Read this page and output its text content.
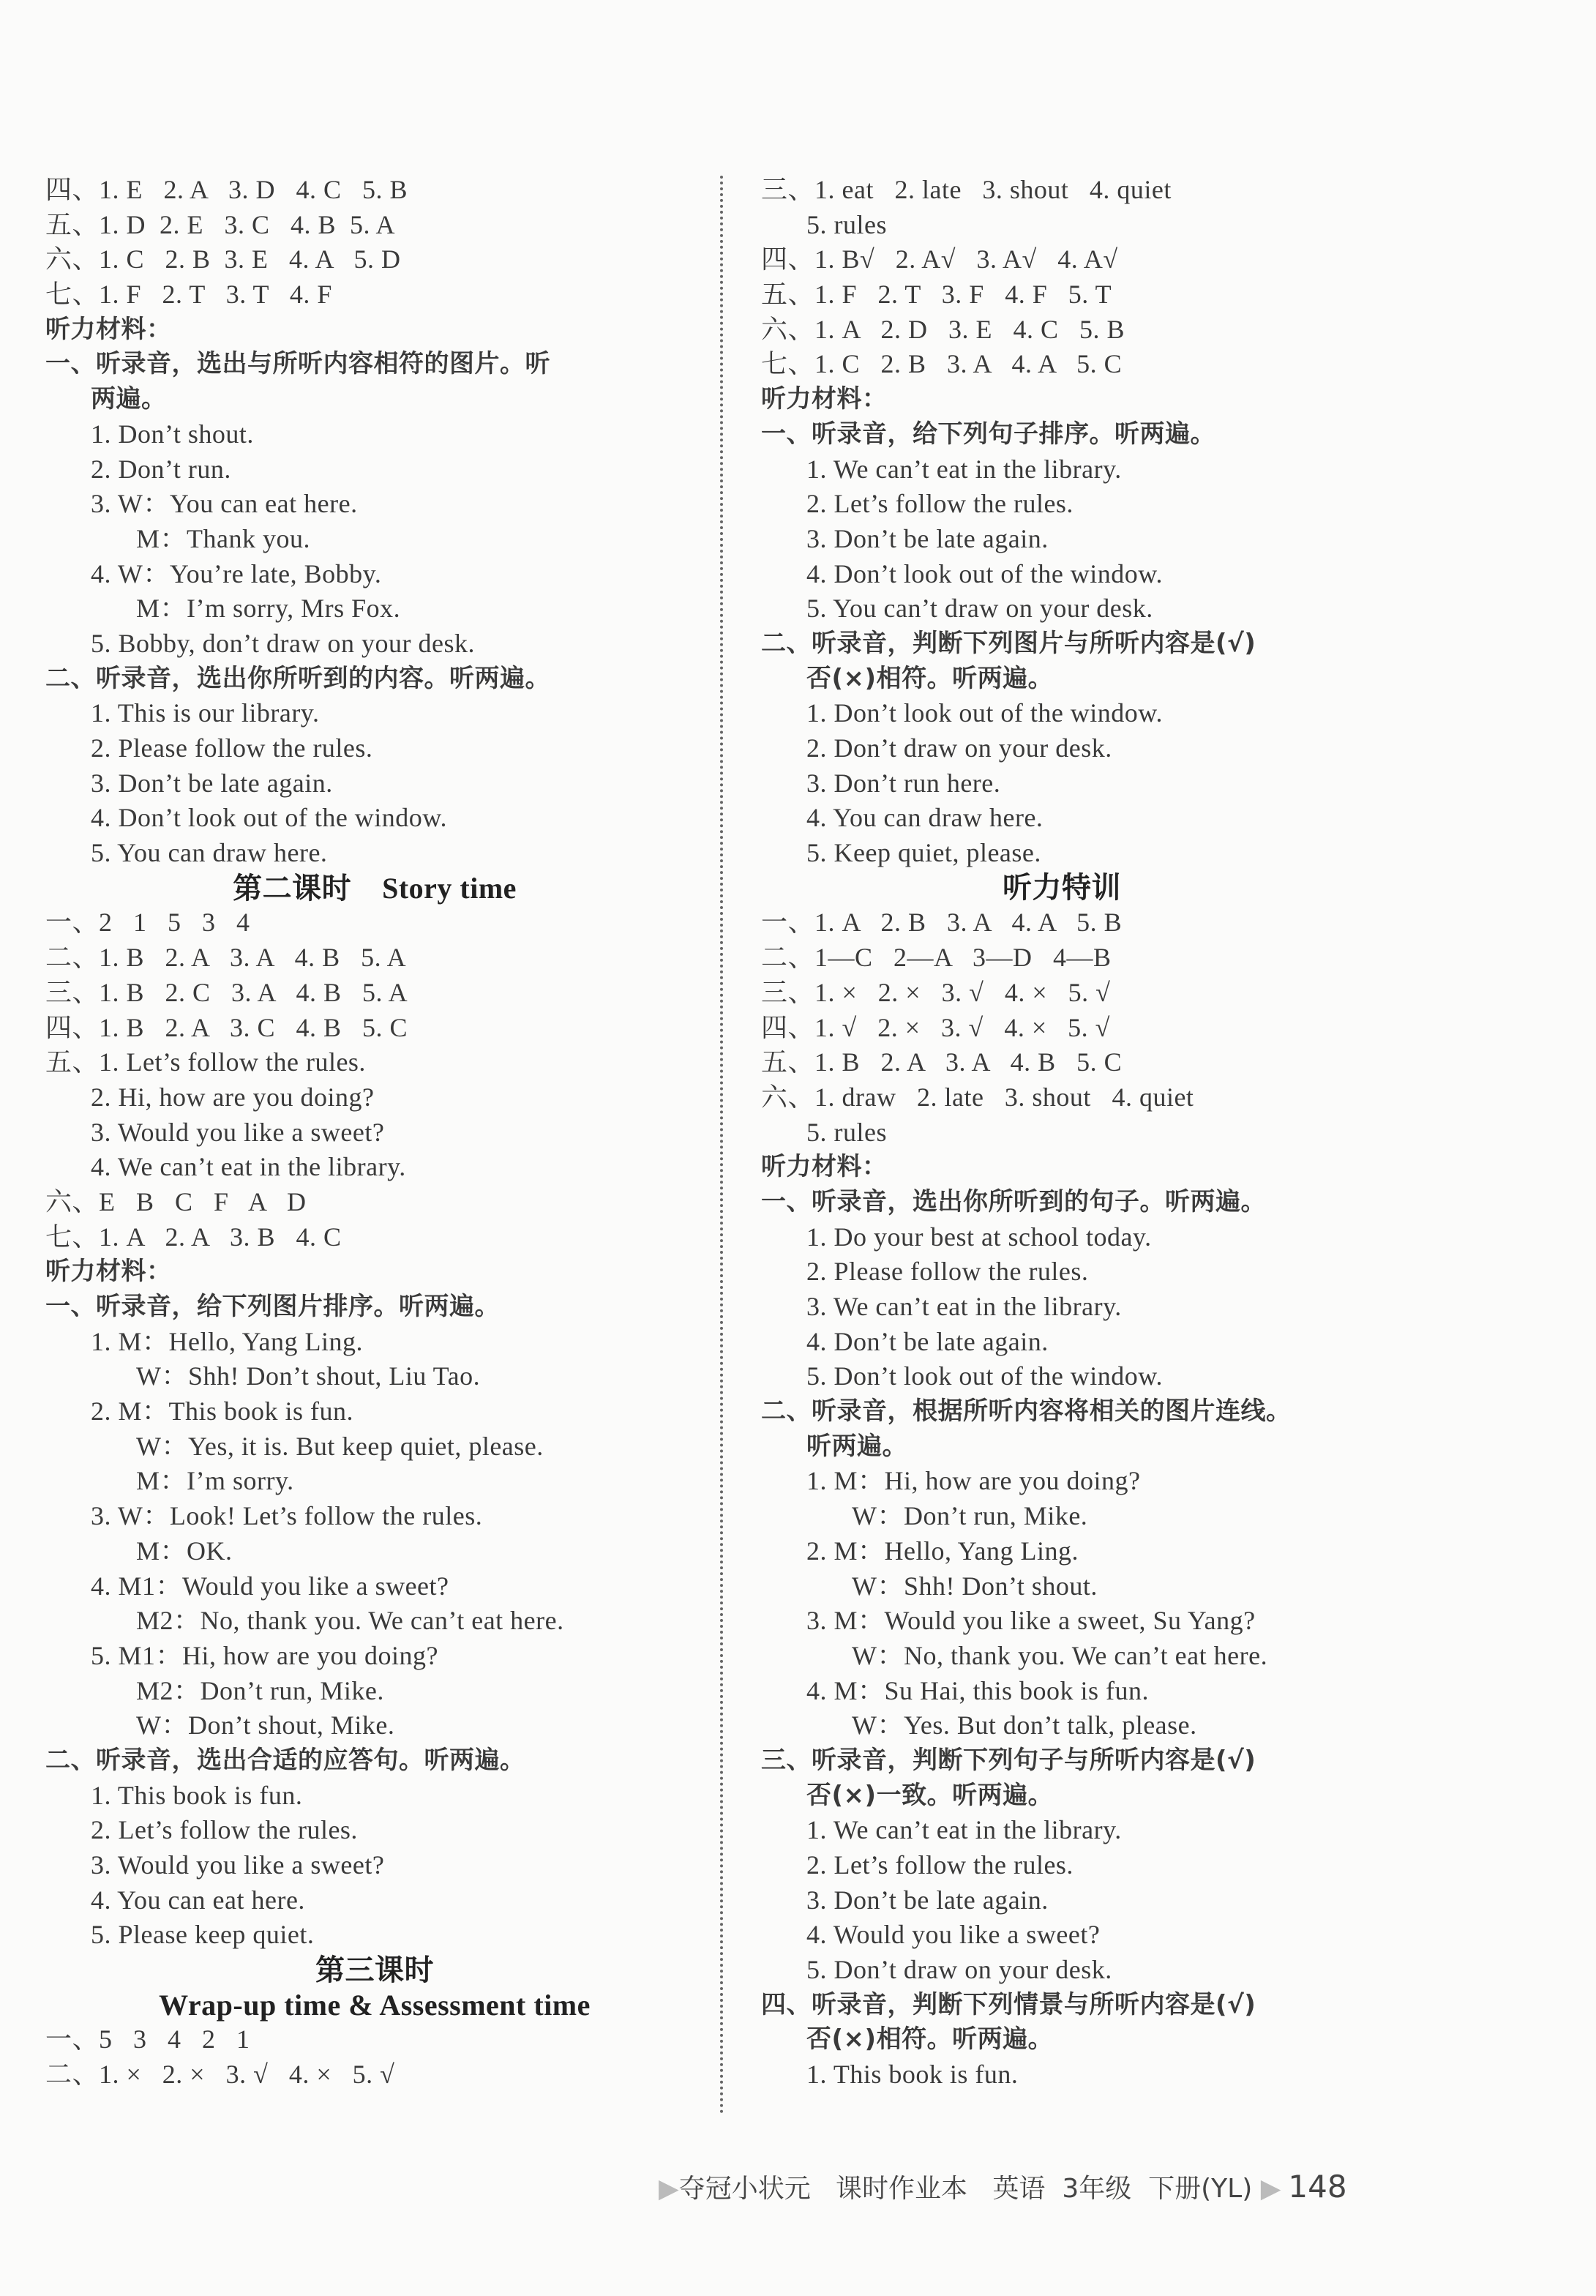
四、1. E   2. A   3. D   4. C   5. B
五、1. D  2. E   3. C   4. B  5. A
六、1. C   2. B  3. E   4. A   5. D
七、1. F   2. T   3. T   4. F
听力材料：
一、听录音，选出与所听内容相符的图片。听
两遍。
1. Don’t shout.
2. Don’t run.
3. W：You can eat here.
M：Thank you.
4. W：You’re late, Bobby.
M：I’m sorry, Mrs Fox.
5. Bobby, don’t draw on your desk.
二、听录音，选出你所听到的内容。听两遍。
1. This is our library.
2. Please follow the rules.
3. Don’t be late again.
4. Don’t look out of the window.
5. You can draw here.
第二课时    Story time
一、2   1   5   3   4
二、1. B   2. A   3. A   4. B   5. A
三、1. B   2. C   3. A   4. B   5. A
四、1. B   2. A   3. C   4. B   5. C
五、1. Let’s follow the rules.
2. Hi, how are you doing?
3. Would you like a sweet?
4. We can’t eat in the library.
六、E   B   C   F   A   D
七、1. A   2. A   3. B   4. C
听力材料：
一、听录音，给下列图片排序。听两遍。
1. M：Hello, Yang Ling.
W：Shh! Don’t shout, Liu Tao.
2. M：This book is fun.
W：Yes, it is. But keep quiet, please.
M：I’m sorry.
3. W：Look! Let’s follow the rules.
M：OK.
4. M1：Would you like a sweet?
M2：No, thank you. We can’t eat here.
5. M1：Hi, how are you doing?
M2：Don’t run, Mike.
W：Don’t shout, Mike.
二、听录音，选出合适的应答句。听两遍。
1. This book is fun.
2. Let’s follow the rules.
3. Would you like a sweet?
4. You can eat here.
5. Please keep quiet.
第三课时
Wrap-up time & Assessment time
一、5   3   4   2   1
二、1. ×   2. ×   3. √   4. ×   5. √
三、1. eat   2. late   3. shout   4. quiet
5. rules
四、1. B√   2. A√   3. A√   4. A√
五、1. F   2. T   3. F   4. F   5. T
六、1. A   2. D   3. E   4. C   5. B
七、1. C   2. B   3. A   4. A   5. C
听力材料：
一、听录音，给下列句子排序。听两遍。
1. We can’t eat in the library.
2. Let’s follow the rules.
3. Don’t be late again.
4. Don’t look out of the window.
5. You can’t draw on your desk.
二、听录音，判断下列图片与所听内容是(√)
否(×)相符。听两遍。
1. Don’t look out of the window.
2. Don’t draw on your desk.
3. Don’t run here.
4. You can draw here.
5. Keep quiet, please.
听力特训
一、1. A   2. B   3. A   4. A   5. B
二、1—C   2—A   3—D   4—B
三、1. ×   2. ×   3. √   4. ×   5. √
四、1. √   2. ×   3. √   4. ×   5. √
五、1. B   2. A   3. A   4. B   5. C
六、1. draw   2. late   3. shout   4. quiet
5. rules
听力材料：
一、听录音，选出你所听到的句子。听两遍。
1. Do your best at school today.
2. Please follow the rules.
3. We can’t eat in the library.
4. Don’t be late again.
5. Don’t look out of the window.
二、听录音，根据所听内容将相关的图片连线。
听两遍。
1. M：Hi, how are you doing?
W：Don’t run, Mike.
2. M：Hello, Yang Ling.
W：Shh! Don’t shout.
3. M：Would you like a sweet, Su Yang?
W：No, thank you. We can’t eat here.
4. M：Su Hai, this book is fun.
W：Yes. But don’t talk, please.
三、听录音，判断下列句子与所听内容是(√)
否(×)一致。听两遍。
1. We can’t eat in the library.
2. Let’s follow the rules.
3. Don’t be late again.
4. Would you like a sweet?
5. Don’t draw on your desk.
四、听录音，判断下列情景与所听内容是(√)
否(×)相符。听两遍。
1. This book is fun.
▶夺冠小状元 课时作业本 英语 3年级 下册(YL) ▶ 148
